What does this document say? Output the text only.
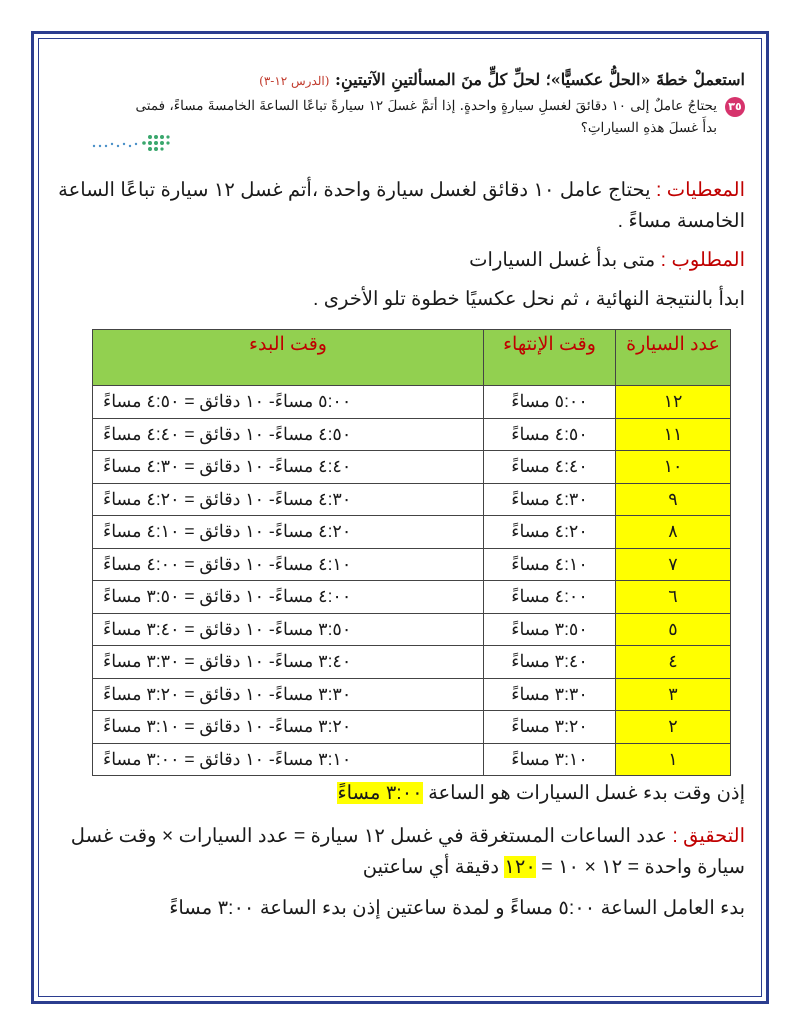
استعملْ خطةَ «الحلُّ عكسيًّا»؛ لحلِّ كلٍّ منَ المسألتينِ الآتيتينِ: (الدرس ١٢-٣)
٣٥
يحتاجُ عاملٌ إلى ١٠ دقائقَ لغسلِ سيارةٍ واحدةٍ. إذا أتمَّ غسلَ ١٢ سيارةً تباعًا الساعةَ الخامسةَ مساءً، فمتى
بدأَ غسلَ هذهِ السياراتِ؟

المعطيات : يحتاج عامل ١٠ دقائق لغسل سيارة واحدة ،أتم غسل ١٢ سيارة تباعًا الساعة الخامسة مساءً .

المطلوب : متى بدأ غسل السيارات

ابدأ بالنتيجة النهائية ، ثم نحل عكسيًا خطوة تلو الأخرى .

عدد السيارة	وقت الإنتهاء	وقت البدء
١٢	٥:٠٠ مساءً	٥:٠٠ مساءً- ١٠ دقائق = ٤:٥٠ مساءً
١١	٤:٥٠ مساءً	٤:٥٠ مساءً- ١٠ دقائق = ٤:٤٠ مساءً
١٠	٤:٤٠ مساءً	٤:٤٠ مساءً- ١٠ دقائق = ٤:٣٠ مساءً
٩	٤:٣٠ مساءً	٤:٣٠ مساءً- ١٠ دقائق = ٤:٢٠ مساءً
٨	٤:٢٠ مساءً	٤:٢٠ مساءً- ١٠ دقائق = ٤:١٠ مساءً
٧	٤:١٠ مساءً	٤:١٠ مساءً- ١٠ دقائق = ٤:٠٠ مساءً
٦	٤:٠٠ مساءً	٤:٠٠ مساءً- ١٠ دقائق = ٣:٥٠ مساءً
٥	٣:٥٠ مساءً	٣:٥٠ مساءً- ١٠ دقائق = ٣:٤٠ مساءً
٤	٣:٤٠ مساءً	٣:٤٠ مساءً- ١٠ دقائق = ٣:٣٠ مساءً
٣	٣:٣٠ مساءً	٣:٣٠ مساءً- ١٠ دقائق = ٣:٢٠ مساءً
٢	٣:٢٠ مساءً	٣:٢٠ مساءً- ١٠ دقائق = ٣:١٠ مساءً
١	٣:١٠ مساءً	٣:١٠ مساءً- ١٠ دقائق = ٣:٠٠ مساءً

إذن وقت بدء غسل السيارات هو الساعة ٣:٠٠ مساءً

التحقيق : عدد الساعات المستغرقة في غسل ١٢ سيارة = عدد السيارات × وقت غسل سيارة واحدة = ١٢ × ١٠ = ١٢٠ دقيقة أي ساعتين

بدء العامل الساعة ٥:٠٠ مساءً و لمدة ساعتين إذن بدء الساعة ٣:٠٠ مساءً
